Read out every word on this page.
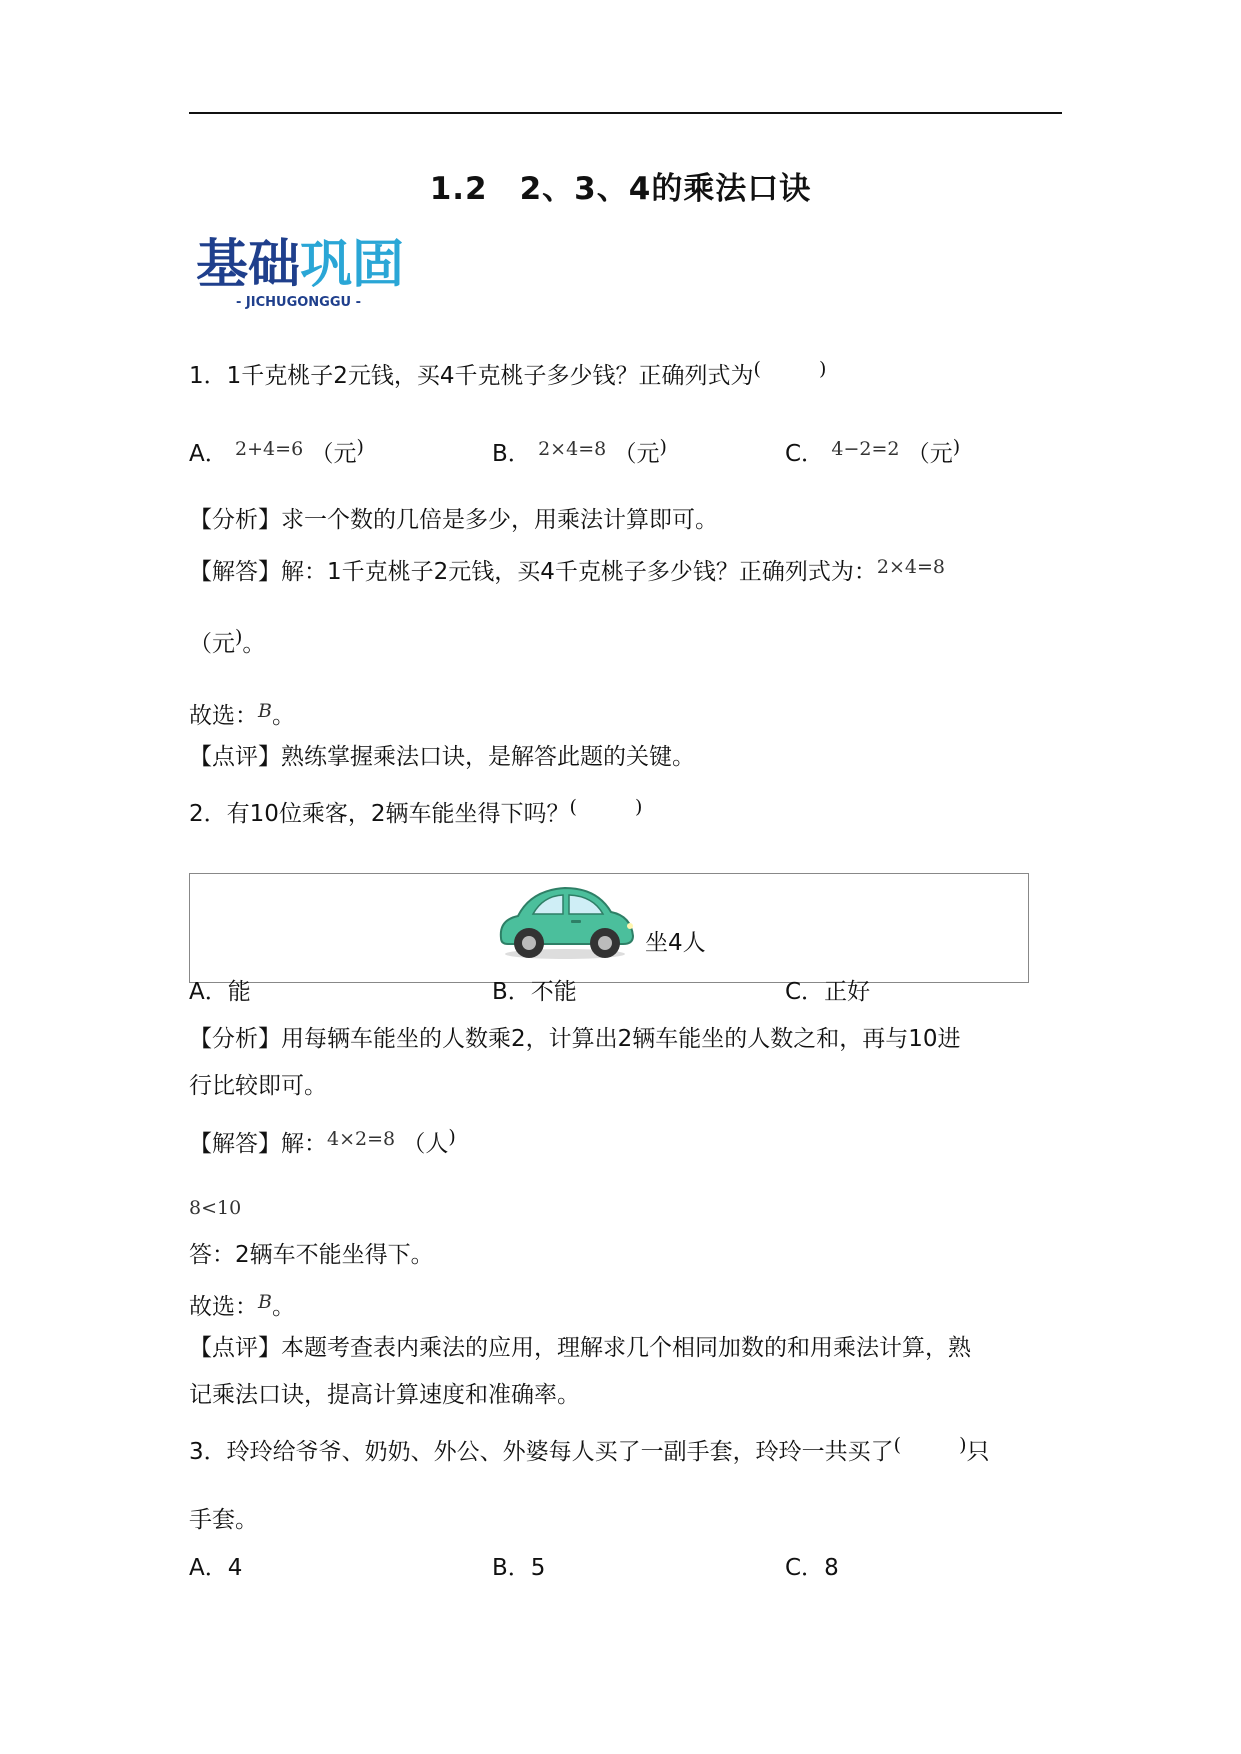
1.2　2、3、4的乘法口诀
基础巩固
- JICHUGONGGU -
1．1千克桃子2元钱，买4千克桃子多少钱？正确列式为(	)
A． $^{2+4=6}$ （元)	B． $^{2\times 4=8}$ （元)	C． $^{4-2=2}$ （元)
【分析】求一个数的几倍是多少，用乘法计算即可。
【解答】解：1千克桃子2元钱，买4千克桃子多少钱？正确列式为：$^{2\times 4=8}$
（元)。
故选：$^B$。
【点评】熟练掌握乘法口诀，是解答此题的关键。
2．有10位乘客，2辆车能坐得下吗？(	)
坐4人
A．能	B．不能	C．正好
【分析】用每辆车能坐的人数乘2，计算出2辆车能坐的人数之和，再与10进
行比较即可。
【解答】解：$^{4\times 2=8}$ （人)
$^{8<10}$
答：2辆车不能坐得下。
故选：$^B$。
【点评】本题考查表内乘法的应用，理解求几个相同加数的和用乘法计算，熟
记乘法口诀，提高计算速度和准确率。
3．玲玲给爷爷、奶奶、外公、外婆每人买了一副手套，玲玲一共买了(	)只
手套。
A．4	B．5	C．8
